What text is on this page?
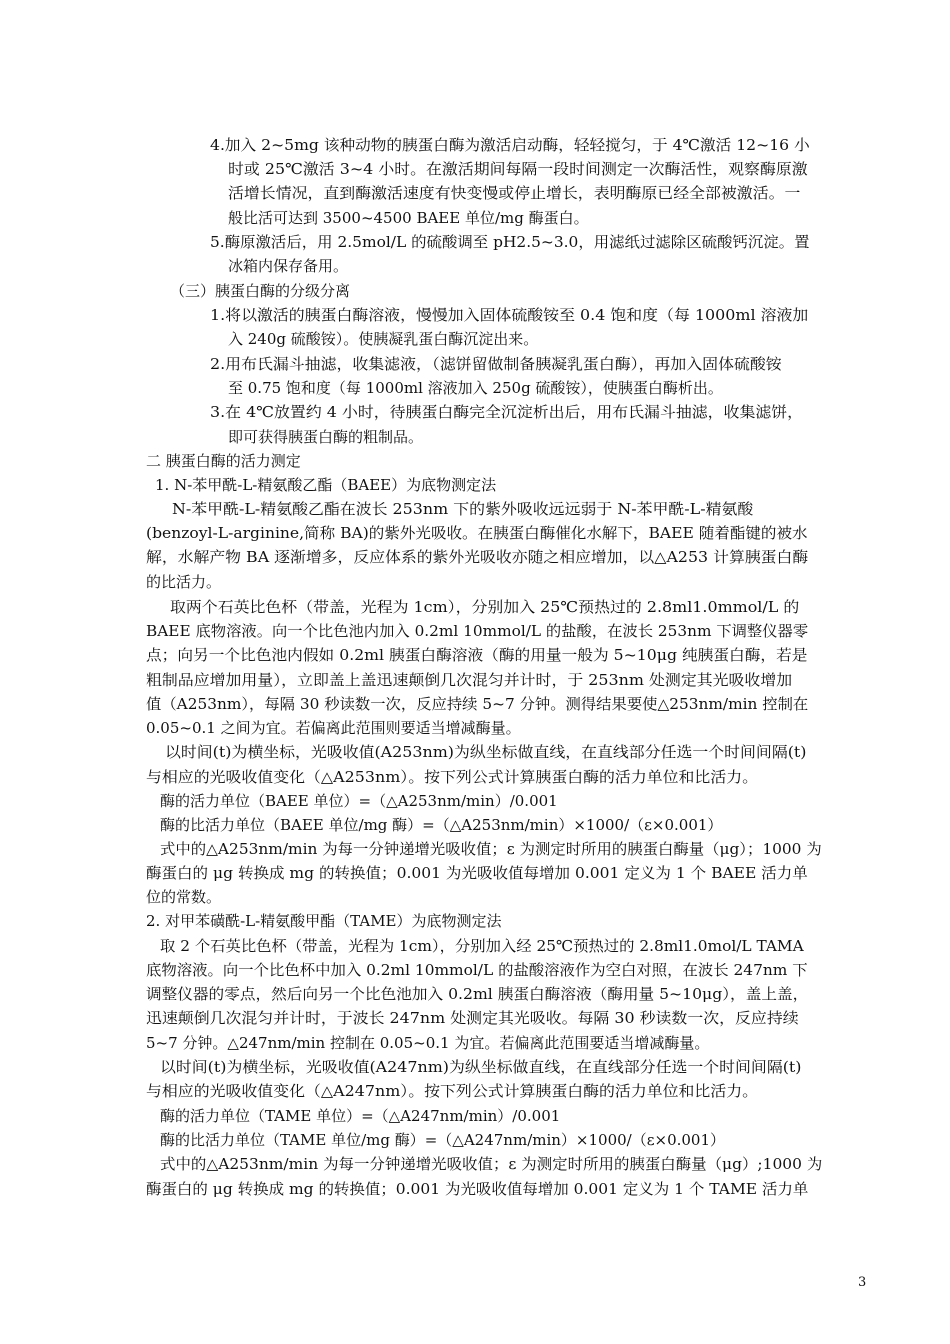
4.加入 2~5mg 该种动物的胰蛋白酶为激活启动酶，轻轻搅匀，于 4℃激活 12~16 小
时或 25℃激活 3~4 小时。在激活期间每隔一段时间测定一次酶活性，观察酶原激
活增长情况，直到酶激活速度有快变慢或停止增长，表明酶原已经全部被激活。一
般比活可达到 3500~4500 BAEE 单位/mg 酶蛋白。
5.酶原激活后，用 2.5mol/L 的硫酸调至 pH2.5~3.0，用滤纸过滤除区硫酸钙沉淀。置
冰箱内保存备用。
（三）胰蛋白酶的分级分离
1.将以激活的胰蛋白酶溶液，慢慢加入固体硫酸铵至 0.4 饱和度（每 1000ml 溶液加
入 240g 硫酸铵）。使胰凝乳蛋白酶沉淀出来。
2.用布氏漏斗抽滤，收集滤液，（滤饼留做制备胰凝乳蛋白酶），再加入固体硫酸铵
至 0.75 饱和度（每 1000ml 溶液加入 250g 硫酸铵），使胰蛋白酶析出。
3.在 4℃放置约 4 小时，待胰蛋白酶完全沉淀析出后，用布氏漏斗抽滤，收集滤饼，
即可获得胰蛋白酶的粗制品。
二 胰蛋白酶的活力测定
1. N-苯甲酰-L-精氨酸乙酯（BAEE）为底物测定法
N-苯甲酰-L-精氨酸乙酯在波长 253nm 下的紫外吸收远远弱于 N-苯甲酰-L-精氨酸
(benzoyl-L-arginine,简称 BA)的紫外光吸收。在胰蛋白酶催化水解下，BAEE 随着酯键的被水
解，水解产物 BA 逐渐增多，反应体系的紫外光吸收亦随之相应增加，以△A253 计算胰蛋白酶
的比活力。
取两个石英比色杯（带盖，光程为 1cm），分别加入 25℃预热过的 2.8ml1.0mmol/L 的
BAEE 底物溶液。向一个比色池内加入 0.2ml 10mmol/L 的盐酸，在波长 253nm 下调整仪器零
点；向另一个比色池内假如 0.2ml 胰蛋白酶溶液（酶的用量一般为 5~10μg 纯胰蛋白酶，若是
粗制品应增加用量），立即盖上盖迅速颠倒几次混匀并计时，于 253nm 处测定其光吸收增加
值（A253nm），每隔 30 秒读数一次，反应持续 5~7 分钟。测得结果要使△253nm/min 控制在
0.05~0.1 之间为宜。若偏离此范围则要适当增减酶量。
以时间(t)为横坐标，光吸收值(A253nm)为纵坐标做直线，在直线部分任选一个时间间隔(t)
与相应的光吸收值变化（△A253nm）。按下列公式计算胰蛋白酶的活力单位和比活力。
酶的活力单位（BAEE 单位）=（△A253nm/min）/0.001
酶的比活力单位（BAEE 单位/mg 酶）=（△A253nm/min）×1000/（ε×0.001）
式中的△A253nm/min 为每一分钟递增光吸收值；ε 为测定时所用的胰蛋白酶量（μg）；1000 为
酶蛋白的 μg 转换成 mg 的转换值；0.001 为光吸收值每增加 0.001 定义为 1 个 BAEE 活力单
位的常数。
2. 对甲苯磺酰-L-精氨酸甲酯（TAME）为底物测定法
取 2 个石英比色杯（带盖，光程为 1cm），分别加入经 25℃预热过的 2.8ml1.0mol/L TAMA
底物溶液。向一个比色杯中加入 0.2ml 10mmol/L 的盐酸溶液作为空白对照，在波长 247nm 下
调整仪器的零点，然后向另一个比色池加入 0.2ml 胰蛋白酶溶液（酶用量 5~10μg），盖上盖，
迅速颠倒几次混匀并计时，于波长 247nm 处测定其光吸收。每隔 30 秒读数一次，反应持续
5~7 分钟。△247nm/min 控制在 0.05~0.1 为宜。若偏离此范围要适当增减酶量。
以时间(t)为横坐标，光吸收值(A247nm)为纵坐标做直线，在直线部分任选一个时间间隔(t)
与相应的光吸收值变化（△A247nm）。按下列公式计算胰蛋白酶的活力单位和比活力。
酶的活力单位（TAME 单位）=（△A247nm/min）/0.001
酶的比活力单位（TAME 单位/mg 酶）=（△A247nm/min）×1000/（ε×0.001）
式中的△A253nm/min 为每一分钟递增光吸收值；ε 为测定时所用的胰蛋白酶量（μg）;1000 为
酶蛋白的 μg 转换成 mg 的转换值；0.001 为光吸收值每增加 0.001 定义为 1 个 TAME 活力单
3
